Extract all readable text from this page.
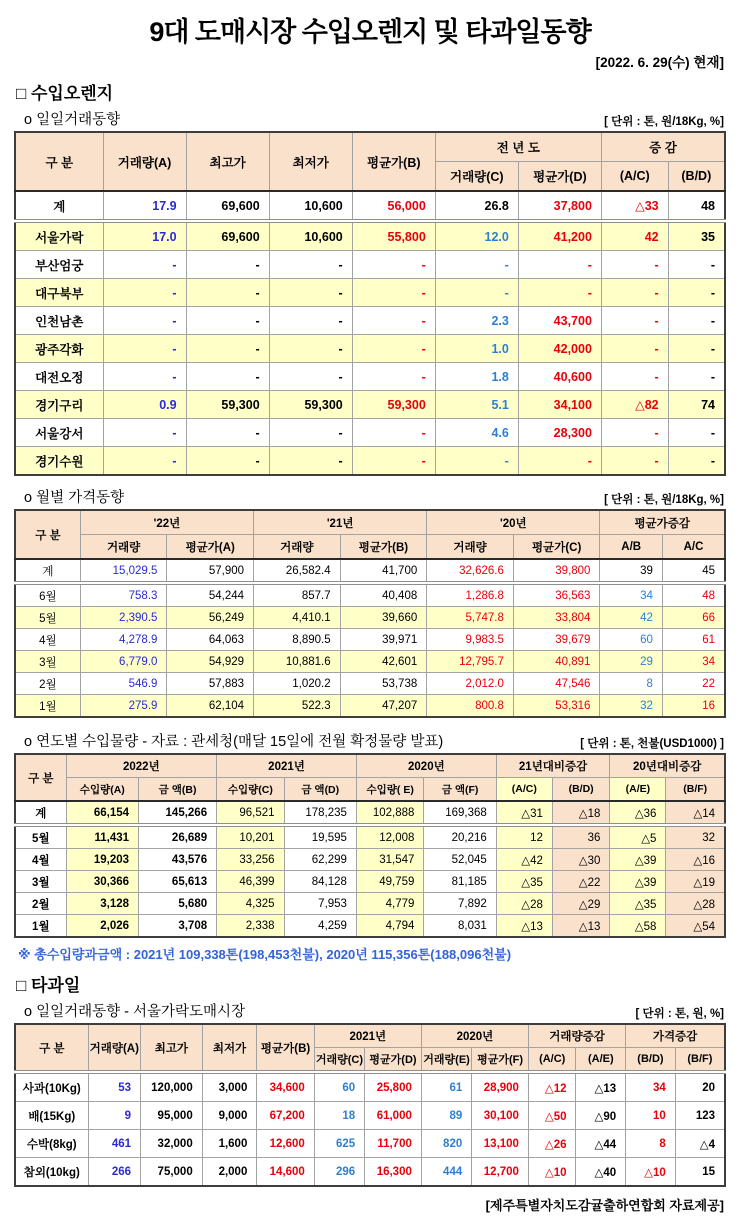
9대 도매시장 수입오렌지 및 타과일동향
[2022. 6. 29(수) 현재]
□ 수입오렌지
o 일일거래동향	[ 단위 : 톤, 원/18Kg, %]
구 분	거래량(A)	최고가	최저가	평균가(B)	전 년 도		증 감	
					거래량(C)	평균가(D)	(A/C)	(B/D)
계	17.9	69,600	10,600	56,000	26.8	37,800	△33	48
서울가락	17.0	69,600	10,600	55,800	12.0	41,200	42	35
부산엄궁	-	-	-	-	-	-	-	-
대구북부	-	-	-	-	-	-	-	-
인천남촌	-	-	-	-	2.3	43,700	-	-
광주각화	-	-	-	-	1.0	42,000	-	-
대전오정	-	-	-	-	1.8	40,600	-	-
경기구리	0.9	59,300	59,300	59,300	5.1	34,100	△82	74
서울강서	-	-	-	-	4.6	28,300	-	-
경기수원	-	-	-	-	-	-	-	-
o 월별 가격동향	[ 단위 : 톤, 원/18Kg, %]
구 분	'22년		'21년		'20년		평균가증감	
	거래량	평균가(A)	거래량	평균가(B)	거래량	평균가(C)	A/B	A/C
계	15,029.5	57,900	26,582.4	41,700	32,626.6	39,800	39	45
6월	758.3	54,244	857.7	40,408	1,286.8	36,563	34	48
5월	2,390.5	56,249	4,410.1	39,660	5,747.8	33,804	42	66
4월	4,278.9	64,063	8,890.5	39,971	9,983.5	39,679	60	61
3월	6,779.0	54,929	10,881.6	42,601	12,795.7	40,891	29	34
2월	546.9	57,883	1,020.2	53,738	2,012.0	47,546	8	22
1월	275.9	62,104	522.3	47,207	800.8	53,316	32	16
o 연도별 수입물량 - 자료 : 관세청(매달 15일에 전월 확정물량 발표)	[ 단위 : 톤, 천불(USD1000) ]
구 분	2022년		2021년		2020년		21년대비증감		20년대비증감	
	수입량(A)	금 액(B)	수입량(C)	금 액(D)	수입량( E)	금 액(F)	(A/C)	(B/D)	(A/E)	(B/F)
계	66,154	145,266	96,521	178,235	102,888	169,368	△31	△18	△36	△14
5월	11,431	26,689	10,201	19,595	12,008	20,216	12	36	△5	32
4월	19,203	43,576	33,256	62,299	31,547	52,045	△42	△30	△39	△16
3월	30,366	65,613	46,399	84,128	49,759	81,185	△35	△22	△39	△19
2월	3,128	5,680	4,325	7,953	4,779	7,892	△28	△29	△35	△28
1월	2,026	3,708	2,338	4,259	4,794	8,031	△13	△13	△58	△54
※ 총수입량과금액 : 2021년 109,338톤(198,453천불), 2020년 115,356톤(188,096천불)
□ 타과일
o 일일거래동향 - 서울가락도매시장	[ 단위 : 톤, 원, %]
구 분	거래량(A)	최고가	최저가	평균가(B)	2021년		2020년		거래량증감		가격증감	
					거래량(C)	평균가(D)	거래량(E)	평균가(F)	(A/C)	(A/E)	(B/D)	(B/F)
사과(10Kg)	53	120,000	3,000	34,600	60	25,800	61	28,900	△12	△13	34	20
배(15Kg)	9	95,000	9,000	67,200	18	61,000	89	30,100	△50	△90	10	123
수박(8kg)	461	32,000	1,600	12,600	625	11,700	820	13,100	△26	△44	8	△4
참외(10kg)	266	75,000	2,000	14,600	296	16,300	444	12,700	△10	△40	△10	15
[제주특별자치도감귤출하연합회 자료제공]
